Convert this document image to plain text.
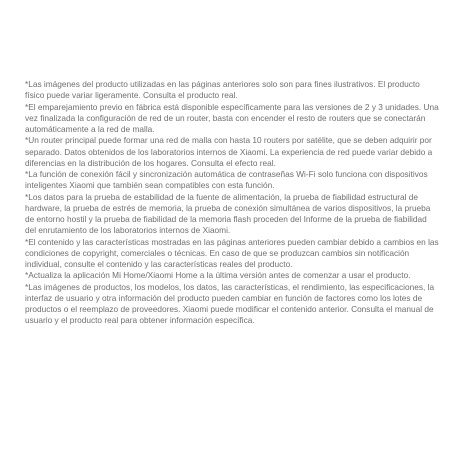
*Las imágenes del producto utilizadas en las páginas anteriores solo son para fines ilustrativos. El producto físico puede variar ligeramente. Consulta el producto real.

*El emparejamiento previo en fábrica está disponible específicamente para las versiones de 2 y 3 unidades. Una vez finalizada la configuración de red de un router, basta con encender el resto de routers que se conectarán automáticamente a la red de malla.

*Un router principal puede formar una red de malla con hasta 10 routers por satélite, que se deben adquirir por separado. Datos obtenidos de los laboratorios internos de Xiaomi. La experiencia de red puede variar debido a diferencias en la distribución de los hogares. Consulta el efecto real.

*La función de conexión fácil y sincronización automática de contraseñas Wi-Fi solo funciona con dispositivos inteligentes Xiaomi que también sean compatibles con esta función.

*Los datos para la prueba de estabilidad de la fuente de alimentación, la prueba de fiabilidad estructural de hardware, la prueba de estrés de memoria, la prueba de conexión simultánea de varios dispositivos, la prueba de entorno hostil y la prueba de fiabilidad de la memoria flash proceden del Informe de la prueba de fiabilidad del enrutamiento de los laboratorios internos de Xiaomi.

*El contenido y las características mostradas en las páginas anteriores pueden cambiar debido a cambios en las condiciones de copyright, comerciales o técnicas. En caso de que se produzcan cambios sin notificación individual, consulte el contenido y las características reales del producto.

*Actualiza la aplicación Mi Home/Xiaomi Home a la última versión antes de comenzar a usar el producto.

*Las imágenes de productos, los modelos, los datos, las características, el rendimiento, las especificaciones, la interfaz de usuario y otra información del producto pueden cambiar en función de factores como los lotes de productos o el reemplazo de proveedores. Xiaomi puede modificar el contenido anterior. Consulta el manual de usuario y el producto real para obtener información específica.
